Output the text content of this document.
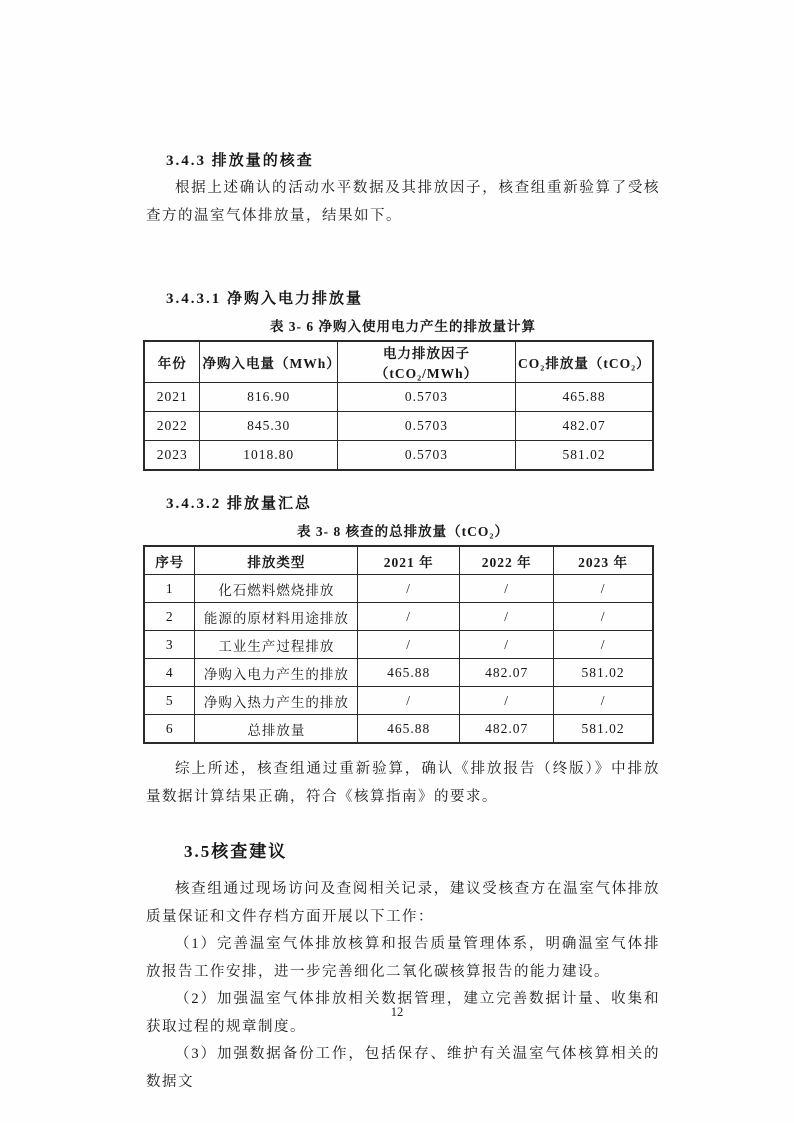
3.4.3 排放量的核查

根据上述确认的活动水平数据及其排放因子，核查组重新验算了受核查方的温室气体排放量，结果如下。

3.4.3.1 净购入电力排放量

表 3- 6 净购入使用电力产生的排放量计算

年份	净购入电量（MWh）	电力排放因子（tCO₂/MWh）	CO₂排放量（tCO₂）
2021	816.90	0.5703	465.88
2022	845.30	0.5703	482.07
2023	1018.80	0.5703	581.02

3.4.3.2 排放量汇总

表 3- 8 核查的总排放量（tCO₂）

序号	排放类型	2021 年	2022 年	2023 年
1	化石燃料燃烧排放	/	/	/
2	能源的原材料用途排放	/	/	/
3	工业生产过程排放	/	/	/
4	净购入电力产生的排放	465.88	482.07	581.02
5	净购入热力产生的排放	/	/	/
6	总排放量	465.88	482.07	581.02

综上所述，核查组通过重新验算，确认《排放报告（终版）》中排放量数据计算结果正确，符合《核算指南》的要求。

3.5核查建议

核查组通过现场访问及查阅相关记录，建议受核查方在温室气体排放质量保证和文件存档方面开展以下工作：

（1）完善温室气体排放核算和报告质量管理体系，明确温室气体排放报告工作安排，进一步完善细化二氧化碳核算报告的能力建设。

（2）加强温室气体排放相关数据管理，建立完善数据计量、收集和获取过程的规章制度。

（3）加强数据备份工作，包括保存、维护有关温室气体核算相关的数据文

12
